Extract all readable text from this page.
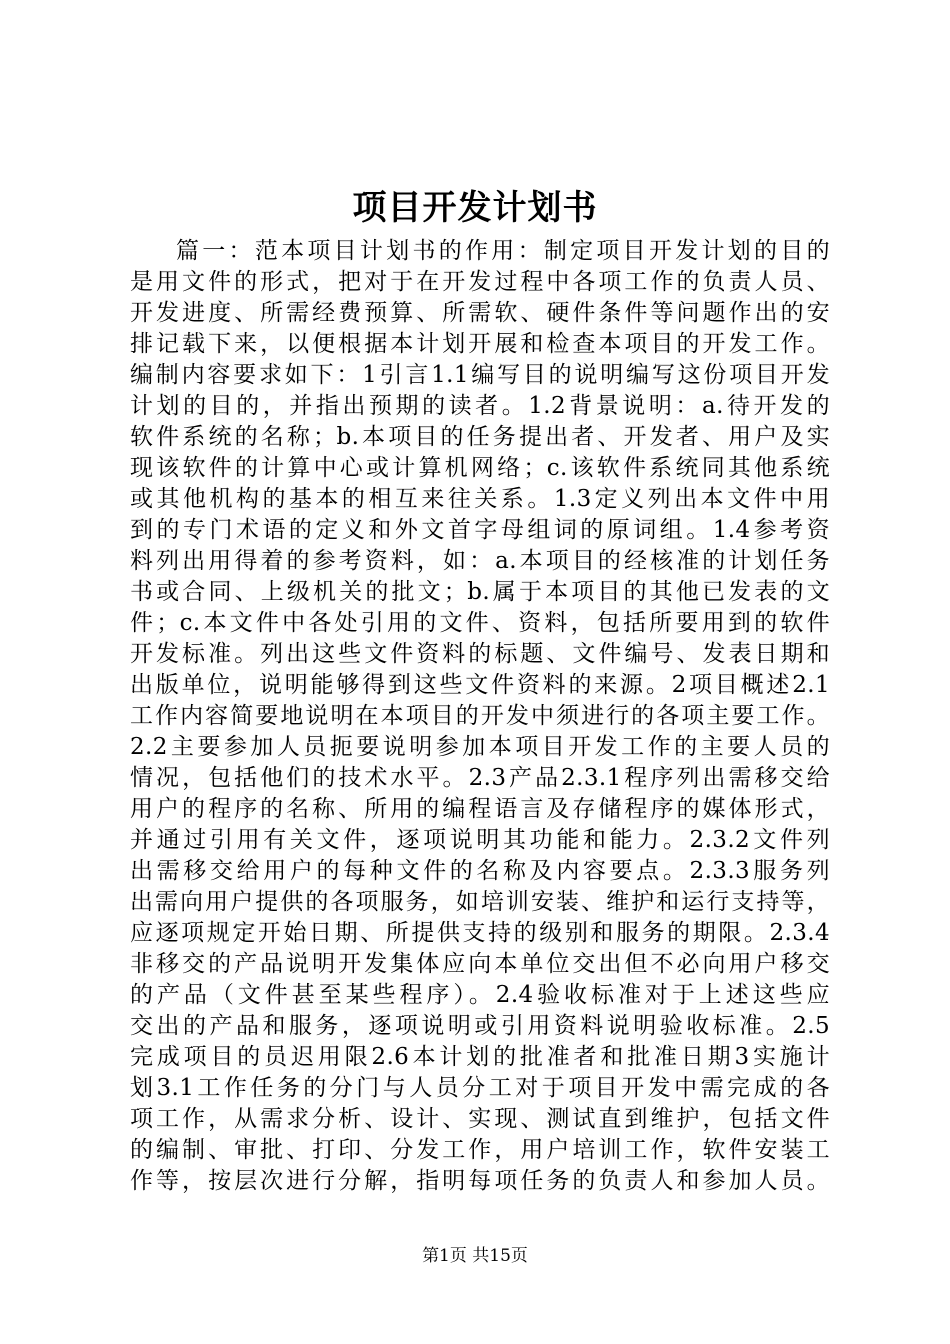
项目开发计划书
篇一：范本项目计划书的作用：制定项目开发计划的目的
是用文件的形式，把对于在开发过程中各项工作的负责人员、
开发进度、所需经费预算、所需软、硬件条件等问题作出的安
排记载下来，以便根据本计划开展和检查本项目的开发工作。
编制内容要求如下：1引言1.1编写目的说明编写这份项目开发
计划的目的，并指出预期的读者。1.2背景说明：a.待开发的
软件系统的名称；b.本项目的任务提出者、开发者、用户及实
现该软件的计算中心或计算机网络；c.该软件系统同其他系统
或其他机构的基本的相互来往关系。1.3定义列出本文件中用
到的专门术语的定义和外文首字母组词的原词组。1.4参考资
料列出用得着的参考资料，如：a.本项目的经核准的计划任务
书或合同、上级机关的批文；b.属于本项目的其他已发表的文
件；c.本文件中各处引用的文件、资料，包括所要用到的软件
开发标准。列出这些文件资料的标题、文件编号、发表日期和
出版单位，说明能够得到这些文件资料的来源。2项目概述2.1
工作内容简要地说明在本项目的开发中须进行的各项主要工作。
2.2主要参加人员扼要说明参加本项目开发工作的主要人员的
情况，包括他们的技术水平。2.3产品2.3.1程序列出需移交给
用户的程序的名称、所用的编程语言及存储程序的媒体形式，
并通过引用有关文件，逐项说明其功能和能力。2.3.2文件列
出需移交给用户的每种文件的名称及内容要点。2.3.3服务列
出需向用户提供的各项服务，如培训安装、维护和运行支持等，
应逐项规定开始日期、所提供支持的级别和服务的期限。2.3.4
非移交的产品说明开发集体应向本单位交出但不必向用户移交
的产品（文件甚至某些程序）。2.4验收标准对于上述这些应
交出的产品和服务，逐项说明或引用资料说明验收标准。2.5
完成项目的员迟用限2.6本计划的批准者和批准日期3实施计
划3.1工作任务的分门与人员分工对于项目开发中需完成的各
项工作，从需求分析、设计、实现、测试直到维护，包括文件
的编制、审批、打印、分发工作，用户培训工作，软件安装工
作等，按层次进行分解，指明每项任务的负责人和参加人员。
第1页 共15页
